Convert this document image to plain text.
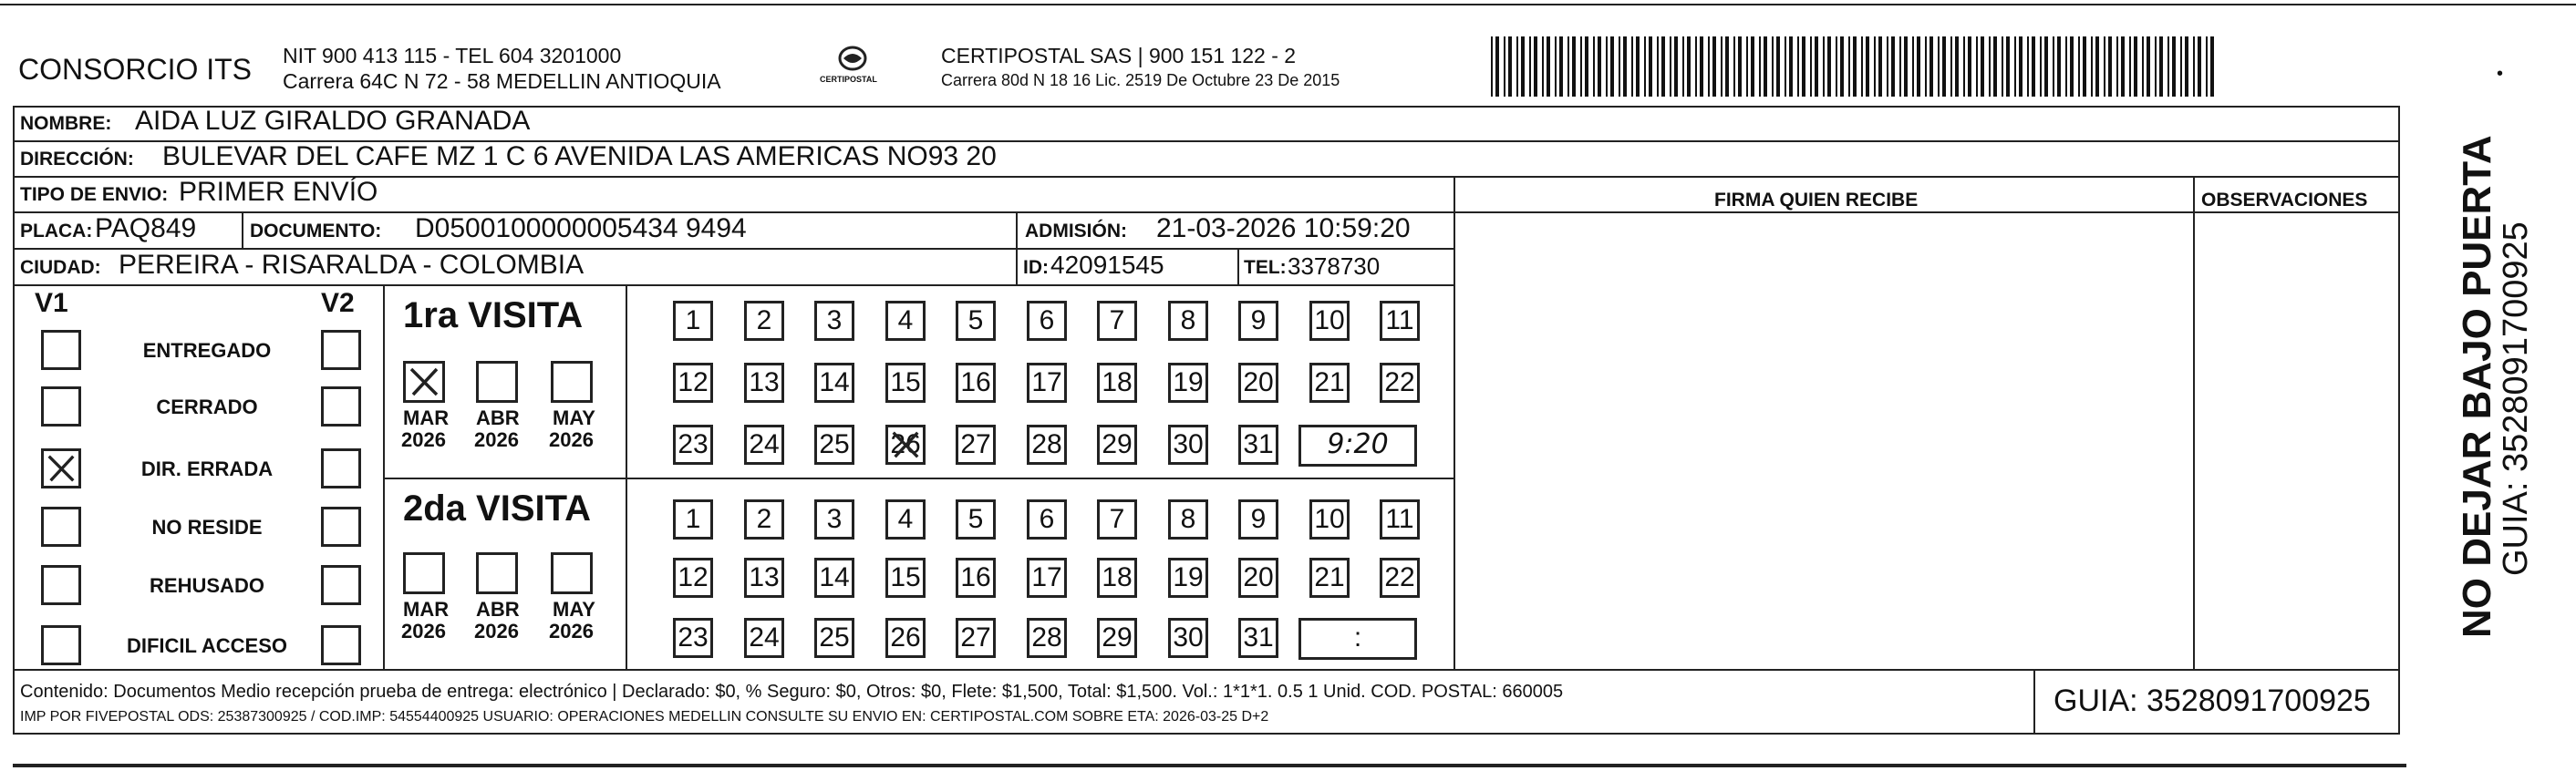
CONSORCIO ITS NIT 900 413 115 - TEL 604 3201000
Carrera 64C N 72 - 58 MEDELLIN ANTIOQUIA	CERTIPOSTAL
CERTIPOSTAL SAS | 900 151 122 - 2
Carrera 80d N 18 16 Lic. 2519 De Octubre 23 De 2015	•
NOMBRE: AIDA LUZ GIRALDO GRANADA
DIRECCIÓN: BULEVAR DEL CAFE MZ 1 C 6 AVENIDA LAS AMERICAS NO93 20
TIPO DE ENVIO: PRIMER ENVÍO	FIRMA QUIEN RECIBE	OBSERVACIONES
PLACA: PAQ849	DOCUMENTO: D0500100000005434 9494	ADMISIÓN: 21-03-2026 10:59:20
CIUDAD: PEREIRA - RISARALDA - COLOMBIA	ID: 42091545	TEL: 3378730
V1	V2
ENTREGADO
CERRADO
DIR. ERRADA
NO RESIDE
REHUSADO
DIFICIL ACCESO
1ra VISITA
MAR
2026
ABR
2026
MAY
2026
1	2	3	4	5	6	7	8	9	10 11
12 13 14 15 16 17 18 19 20 21 22
23 24 25 26 27 28 29 30 31	9:20
2da VISITA
MAR
2026
ABR
2026
MAY
2026
1	2	3	4	5	6	7	8	9	10 11
12 13 14 15 16 17 18 19 20 21 22
23 24 25 26 27 28 29 30 31	:
Contenido: Documentos Medio recepción prueba de entrega: electrónico | Declarado: $0, % Seguro: $0, Otros: $0, Flete: $1,500, Total: $1,500. Vol.: 1*1*1. 0.5 1 Unid. COD. POSTAL: 660005
IMP POR FIVEPOSTAL ODS: 25387300925 / COD.IMP: 54554400925 USUARIO: OPERACIONES MEDELLIN CONSULTE SU ENVIO EN: CERTIPOSTAL.COM SOBRE ETA: 2026-03-25 D+2	GUIA: 3528091700925
NO DEJAR BAJO PUERTA
GUIA: 3528091700925
